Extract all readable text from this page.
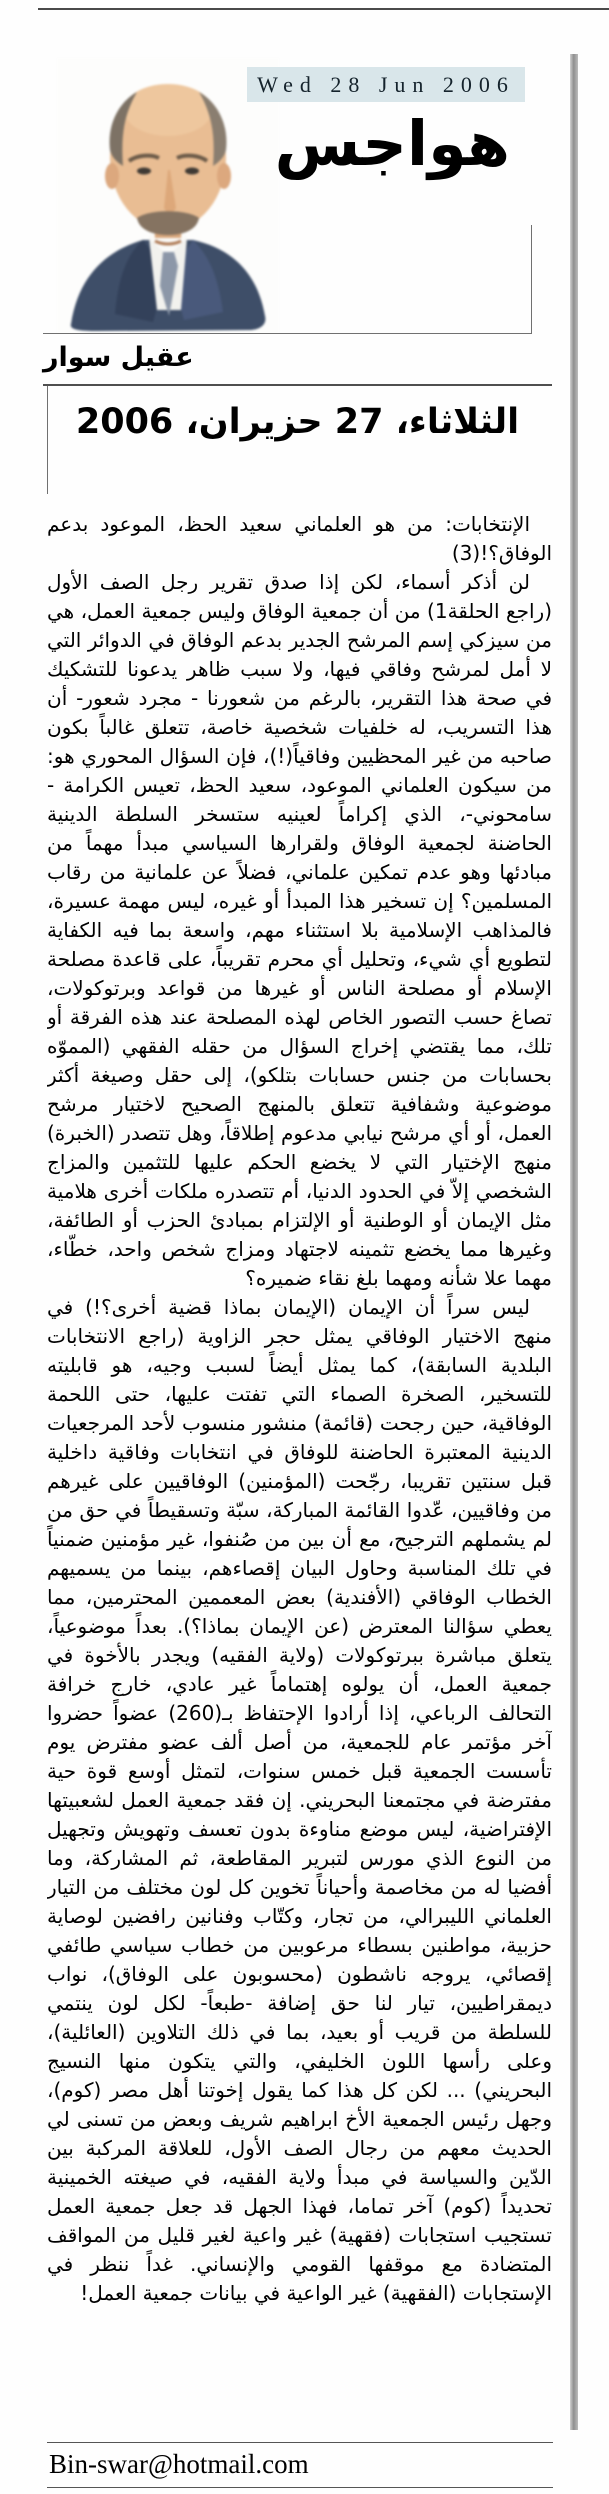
Wed 28 Jun 2006
هواجس
عقيل سوار
الثلاثاء، 27 حزيران، 2006

الإنتخابات: من هو العلماني سعيد الحظ، الموعود بدعم الوفاق؟!(3)

لن أذكر أسماء، لكن إذا صدق تقرير رجل الصف الأول (راجع الحلقة1) من أن جمعية الوفاق وليس جمعية العمل، هي من سيزكي إسم المرشح الجدير بدعم الوفاق في الدوائر التي لا أمل لمرشح وفاقي فيها، ولا سبب ظاهر يدعونا للتشكيك في صحة هذا التقرير، بالرغم من شعورنا - مجرد شعور- أن هذا التسريب، له خلفيات شخصية خاصة، تتعلق غالباً بكون صاحبه من غير المحظيين وفاقياً(!)، فإن السؤال المحوري هو: من سيكون العلماني الموعود، سعيد الحظ، تعيس الكرامة - سامحوني-، الذي إكراماً لعينيه ستسخر السلطة الدينية الحاضنة لجمعية الوفاق ولقرارها السياسي مبدأ مهماً من مبادئها وهو عدم تمكين علماني، فضلاً عن علمانية من رقاب المسلمين؟ إن تسخير هذا المبدأ أو غيره، ليس مهمة عسيرة، فالمذاهب الإسلامية بلا استثناء مهم، واسعة بما فيه الكفاية لتطويع أي شيء، وتحليل أي محرم تقريباً، على قاعدة مصلحة الإسلام أو مصلحة الناس أو غيرها من قواعد وبرتوكولات، تصاغ حسب التصور الخاص لهذه المصلحة عند هذه الفرقة أو تلك، مما يقتضي إخراج السؤال من حقله الفقهي (المموّه بحسابات من جنس حسابات بتلكو)، إلى حقل وصيغة أكثر موضوعية وشفافية تتعلق بالمنهج الصحيح لاختيار مرشح العمل، أو أي مرشح نيابي مدعوم إطلاقاً، وهل تتصدر (الخبرة) منهج الإختيار التي لا يخضع الحكم عليها للتثمين والمزاج الشخصي إلاّ في الحدود الدنيا، أم تتصدره ملكات أخرى هلامية مثل الإيمان أو الوطنية أو الإلتزام بمبادئ الحزب أو الطائفة، وغيرها مما يخضع تثمينه لاجتهاد ومزاج شخص واحد، خطّاء، مهما علا شأنه ومهما بلغ نقاء ضميره؟

ليس سراً أن الإيمان (الإيمان بماذا قضية أخرى؟!) في منهج الاختيار الوفاقي يمثل حجر الزاوية (راجع الانتخابات البلدية السابقة)، كما يمثل أيضاً لسبب وجيه، هو قابليته للتسخير، الصخرة الصماء التي تفتت عليها، حتى اللحمة الوفاقية، حين رجحت (قائمة) منشور منسوب لأحد المرجعيات الدينية المعتبرة الحاضنة للوفاق في انتخابات وفاقية داخلية قبل سنتين تقريبا، رجّحت (المؤمنين) الوفاقيين على غيرهم من وفاقيين، عّدوا القائمة المباركة، سبّة وتسقيطاً في حق من لم يشملهم الترجيح، مع أن بين من صُنفوا، غير مؤمنين ضمنياً في تلك المناسبة وحاول البيان إقصاءهم، بينما من يسميهم الخطاب الوفاقي (الأفندية) بعض المعممين المحترمين، مما يعطي سؤالنا المعترض (عن الإيمان بماذا؟). بعداً موضوعياً، يتعلق مباشرة ببرتوكولات (ولاية الفقيه) ويجدر بالأخوة في جمعية العمل، أن يولوه إهتماماً غير عادي، خارج خرافة التحالف الرباعي، إذا أرادوا الإحتفاظ بـ(260) عضواً حضروا آخر مؤتمر عام للجمعية، من أصل ألف عضو مفترض يوم تأسست الجمعية قبل خمس سنوات، لتمثل أوسع قوة حية مفترضة في مجتمعنا البحريني. إن فقد جمعية العمل لشعبيتها الإفتراضية، ليس موضع مناوءة بدون تعسف وتهويش وتجهيل من النوع الذي مورس لتبرير المقاطعة، ثم المشاركة، وما أفضيا له من مخاصمة وأحياناً تخوين كل لون مختلف من التيار العلماني الليبرالي، من تجار، وكتّاب وفنانين رافضين لوصاية حزبية، مواطنين بسطاء مرعوبين من خطاب سياسي طائفي إقصائي، يروجه ناشطون (محسوبون على الوفاق)، نواب ديمقراطيين، تيار لنا حق إضافة -طبعاً- لكل لون ينتمي للسلطة من قريب أو بعيد، بما في ذلك التلاوين (العائلية)، وعلى رأسها اللون الخليفي، والتي يتكون منها النسيج البحريني) ... لكن كل هذا كما يقول إخوتنا أهل مصر (كوم)، وجهل رئيس الجمعية الأخ ابراهيم شريف وبعض من تسنى لي الحديث معهم من رجال الصف الأول، للعلاقة المركبة بين الدّين والسياسة في مبدأ ولاية الفقيه، في صيغته الخمينية تحديداً (كوم) آخر تماما، فهذا الجهل قد جعل جمعية العمل تستجيب استجابات (فقهية) غير واعية لغير قليل من المواقف المتضادة مع موقفها القومي والإنساني. غداً ننظر في الإستجابات (الفقهية) غير الواعية في بيانات جمعية العمل!

Bin-swar@hotmail.com
